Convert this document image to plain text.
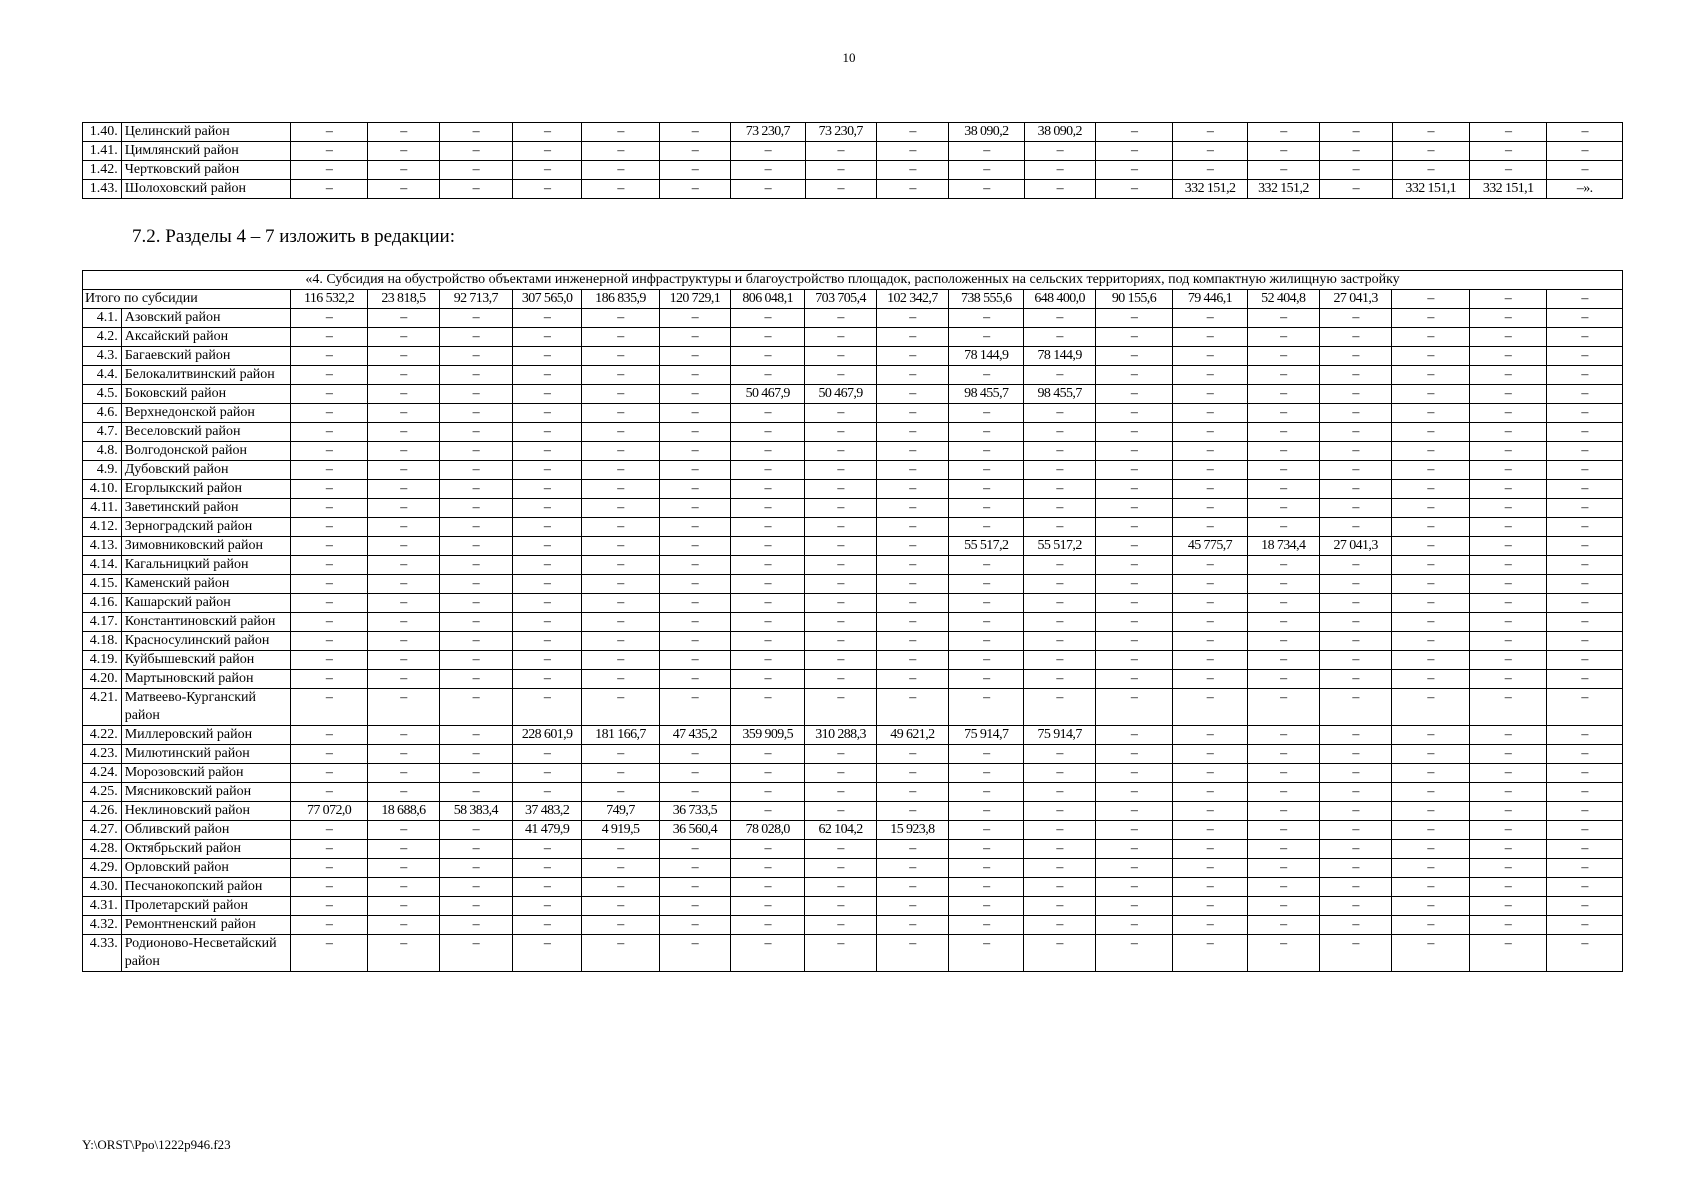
10
1.40.	Целинский район	–	–	–	–	–	–	73 230,7	73 230,7	–	38 090,2	38 090,2	–	–	–	–	–	–	–
1.41.	Цимлянский район	–	–	–	–	–	–	–	–	–	–	–	–	–	–	–	–	–	–
1.42.	Чертковский район	–	–	–	–	–	–	–	–	–	–	–	–	–	–	–	–	–	–
1.43.	Шолоховский район	–	–	–	–	–	–	–	–	–	–	–	–	332 151,2	332 151,2	–	332 151,1	332 151,1	–».
7.2. Разделы 4 – 7 изложить в редакции:
«4. Субсидия на обустройство объектами инженерной инфраструктуры и благоустройство площадок, расположенных на сельских территориях, под компактную жилищную застройку																			
Итого по субсидии		116 532,2	23 818,5	92 713,7	307 565,0	186 835,9	120 729,1	806 048,1	703 705,4	102 342,7	738 555,6	648 400,0	90 155,6	79 446,1	52 404,8	27 041,3	–	–	–
4.1.	Азовский район	–	–	–	–	–	–	–	–	–	–	–	–	–	–	–	–	–	–
4.2.	Аксайский район	–	–	–	–	–	–	–	–	–	–	–	–	–	–	–	–	–	–
4.3.	Багаевский район	–	–	–	–	–	–	–	–	–	78 144,9	78 144,9	–	–	–	–	–	–	–
4.4.	Белокалитвинский район	–	–	–	–	–	–	–	–	–	–	–	–	–	–	–	–	–	–
4.5.	Боковский район	–	–	–	–	–	–	50 467,9	50 467,9	–	98 455,7	98 455,7	–	–	–	–	–	–	–
4.6.	Верхнедонской район	–	–	–	–	–	–	–	–	–	–	–	–	–	–	–	–	–	–
4.7.	Веселовский район	–	–	–	–	–	–	–	–	–	–	–	–	–	–	–	–	–	–
4.8.	Волгодонской район	–	–	–	–	–	–	–	–	–	–	–	–	–	–	–	–	–	–
4.9.	Дубовский район	–	–	–	–	–	–	–	–	–	–	–	–	–	–	–	–	–	–
4.10.	Егорлыкский район	–	–	–	–	–	–	–	–	–	–	–	–	–	–	–	–	–	–
4.11.	Заветинский район	–	–	–	–	–	–	–	–	–	–	–	–	–	–	–	–	–	–
4.12.	Зерноградский район	–	–	–	–	–	–	–	–	–	–	–	–	–	–	–	–	–	–
4.13.	Зимовниковский район	–	–	–	–	–	–	–	–	–	55 517,2	55 517,2	–	45 775,7	18 734,4	27 041,3	–	–	–
4.14.	Кагальницкий район	–	–	–	–	–	–	–	–	–	–	–	–	–	–	–	–	–	–
4.15.	Каменский район	–	–	–	–	–	–	–	–	–	–	–	–	–	–	–	–	–	–
4.16.	Кашарский район	–	–	–	–	–	–	–	–	–	–	–	–	–	–	–	–	–	–
4.17.	Константиновский район	–	–	–	–	–	–	–	–	–	–	–	–	–	–	–	–	–	–
4.18.	Красносулинский район	–	–	–	–	–	–	–	–	–	–	–	–	–	–	–	–	–	–
4.19.	Куйбышевский район	–	–	–	–	–	–	–	–	–	–	–	–	–	–	–	–	–	–
4.20.	Мартыновский район	–	–	–	–	–	–	–	–	–	–	–	–	–	–	–	–	–	–
4.21.	Матвеево-Курганский район	–	–	–	–	–	–	–	–	–	–	–	–	–	–	–	–	–	–
4.22.	Миллеровский район	–	–	–	228 601,9	181 166,7	47 435,2	359 909,5	310 288,3	49 621,2	75 914,7	75 914,7	–	–	–	–	–	–	–
4.23.	Милютинский район	–	–	–	–	–	–	–	–	–	–	–	–	–	–	–	–	–	–
4.24.	Морозовский район	–	–	–	–	–	–	–	–	–	–	–	–	–	–	–	–	–	–
4.25.	Мясниковский район	–	–	–	–	–	–	–	–	–	–	–	–	–	–	–	–	–	–
4.26.	Неклиновский район	77 072,0	18 688,6	58 383,4	37 483,2	749,7	36 733,5	–	–	–	–	–	–	–	–	–	–	–	–
4.27.	Обливский район	–	–	–	41 479,9	4 919,5	36 560,4	78 028,0	62 104,2	15 923,8	–	–	–	–	–	–	–	–	–
4.28.	Октябрьский район	–	–	–	–	–	–	–	–	–	–	–	–	–	–	–	–	–	–
4.29.	Орловский район	–	–	–	–	–	–	–	–	–	–	–	–	–	–	–	–	–	–
4.30.	Песчанокопский район	–	–	–	–	–	–	–	–	–	–	–	–	–	–	–	–	–	–
4.31.	Пролетарский район	–	–	–	–	–	–	–	–	–	–	–	–	–	–	–	–	–	–
4.32.	Ремонтненский район	–	–	–	–	–	–	–	–	–	–	–	–	–	–	–	–	–	–
4.33.	Родионово-Несветайский район	–	–	–	–	–	–	–	–	–	–	–	–	–	–	–	–	–	–
Y:\ORST\Ppo\1222p946.f23
